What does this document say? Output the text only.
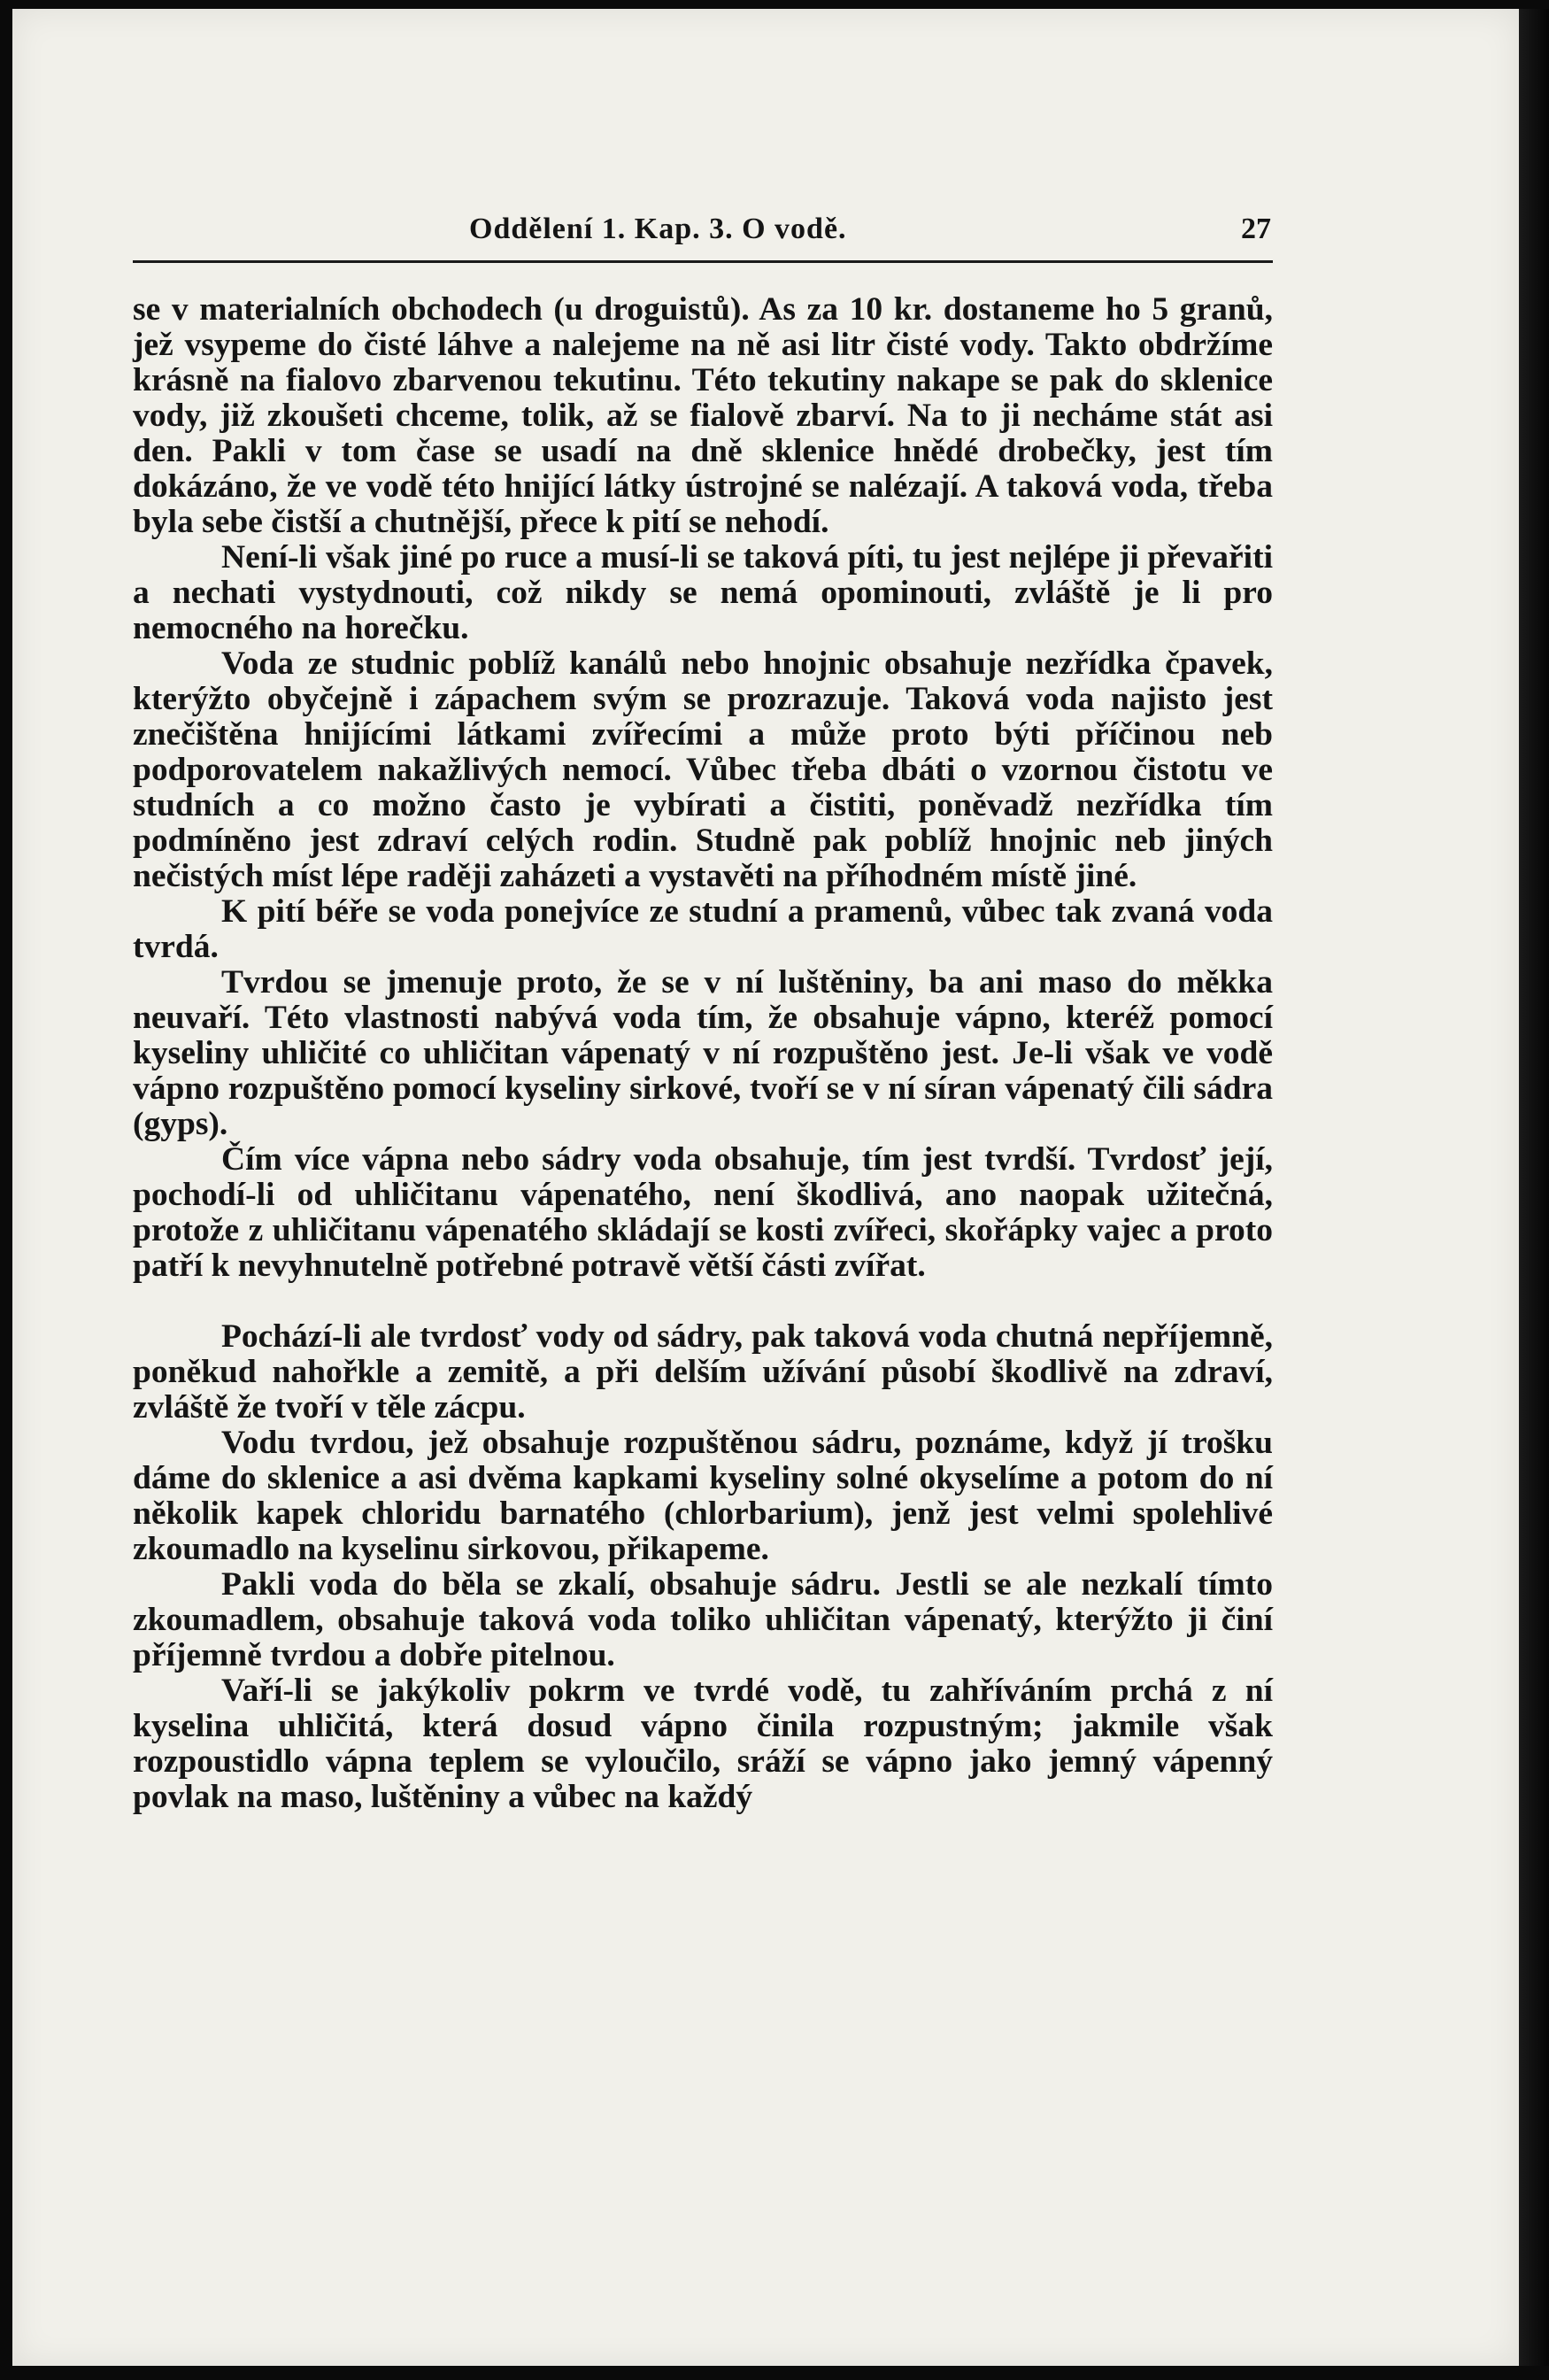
Oddělení 1. Kap. 3. O vodě.	27

se v materialních obchodech (u droguistů). As za 10 kr. dostaneme ho 5 granů, jež vsypeme do čisté láhve a nalejeme na ně asi litr čisté vody. Takto obdržíme krásně na fialovo zbarvenou tekutinu. Této tekutiny nakape se pak do sklenice vody, již zkoušeti chceme, tolik, až se fialově zbarví. Na to ji necháme stát asi den. Pakli v tom čase se usadí na dně sklenice hnědé drobečky, jest tím dokázáno, že ve vodě této hnijící látky ústrojné se nalézají. A taková voda, třeba byla sebe čistší a chutnější, přece k pití se nehodí.

Není-li však jiné po ruce a musí-li se taková píti, tu jest nejlépe ji převařiti a nechati vystydnouti, což nikdy se nemá opominouti, zvláště je li pro nemocného na horečku.

Voda ze studnic poblíž kanálů nebo hnojnic obsahuje nezřídka čpavek, kterýžto obyčejně i zápachem svým se prozrazuje. Taková voda najisto jest znečištěna hnijícími látkami zvířecími a může proto býti příčinou neb podporovatelem nakažlivých nemocí. Vůbec třeba dbáti o vzornou čistotu ve studních a co možno často je vybírati a čistiti, poněvadž nezřídka tím podmíněno jest zdraví celých rodin. Studně pak poblíž hnojnic neb jiných nečistých míst lépe raději zaházeti a vystavěti na příhodném místě jiné.

K pití béře se voda ponejvíce ze studní a pramenů, vůbec tak zvaná voda tvrdá.

Tvrdou se jmenuje proto, že se v ní luštěniny, ba ani maso do měkka neuvaří. Této vlastnosti nabývá voda tím, že obsahuje vápno, kteréž pomocí kyseliny uhličité co uhličitan vápenatý v ní rozpuštěno jest. Je-li však ve vodě vápno rozpuštěno pomocí kyseliny sirkové, tvoří se v ní síran vápenatý čili sádra (gyps).

Čím více vápna nebo sádry voda obsahuje, tím jest tvrdší. Tvrdosť její, pochodí-li od uhličitanu vápenatého, není škodlivá, ano naopak užitečná, protože z uhličitanu vápenatého skládají se kosti zvířeci, skořápky vajec a proto patří k nevyhnutelně potřebné potravě větší části zvířat.

Pochází-li ale tvrdosť vody od sádry, pak taková voda chutná nepříjemně, poněkud nahořkle a zemitě, a při delším užívání působí škodlivě na zdraví, zvláště že tvoří v těle zácpu.

Vodu tvrdou, jež obsahuje rozpuštěnou sádru, poznáme, když jí trošku dáme do sklenice a asi dvěma kapkami kyseliny solné okyselíme a potom do ní několik kapek chloridu barnatého (chlorbarium), jenž jest velmi spolehlivé zkoumadlo na kyselinu sirkovou, přikapeme.

Pakli voda do běla se zkalí, obsahuje sádru. Jestli se ale nezkalí tímto zkoumadlem, obsahuje taková voda toliko uhličitan vápenatý, kterýžto ji činí příjemně tvrdou a dobře pitelnou.

Vaří-li se jakýkoliv pokrm ve tvrdé vodě, tu zahříváním prchá z ní kyselina uhličitá, která dosud vápno činila rozpustným; jakmile však rozpoustidlo vápna teplem se vyloučilo, sráží se vápno jako jemný vápenný povlak na maso, luštěniny a vůbec na každý
